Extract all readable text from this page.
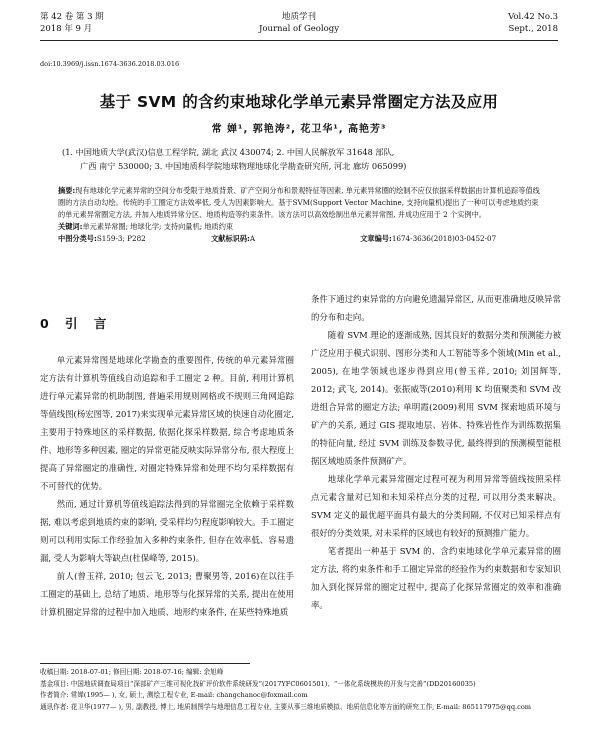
第 42 卷 第 3 期
2018 年 9 月
地质学刊
Journal of Geology
Vol.42 No.3
Sept., 2018
doi:10.3969/j.issn.1674-3636.2018.03.016
基于 SVM 的含约束地球化学单元素异常圈定方法及应用
常 婵¹, 郭艳涛², 花卫华¹, 高艳芳³
(1. 中国地质大学(武汉)信息工程学院, 湖北 武汉 430074; 2. 中国人民解放军 31648 部队,
广西 南宁 530000; 3. 中国地质科学院地球物理地球化学勘查研究所, 河北 廊坊 065099)
摘要:现有地球化学元素异常的空间分布受限于地质背景、矿产空间分布和景观特征等因素, 单元素异常圈的绘制不应仅依据采样数据由计算机追踪等值线圈的方法自动勾绘。传统的手工圈定方法效率低, 受人为因素影响大。基于SVM(Support Vector Machine, 支持向量机)提出了一种可以考虑地质约束的单元素异常圈定方法, 并加入地质异常分区、地质构造等约束条件。该方法可以高效绘制出单元素异常图, 并成功应用于 2 个实例中。
关键词:单元素异常圈; 地球化学; 支持向量机; 地质约束
中图分类号:S159-3; P282	文献标识码:A	文章编号:1674-3636(2018)03-0452-07
0 引 言

单元素异常图是地球化学勘查的重要图件, 传统的单元素异常圈定方法有计算机等值线自动追踪和手工圈定 2 种。目前, 利用计算机进行单元素异常的机助制图, 普遍采用规则网格或不规则三角网追踪等值线图(杨宏图等, 2017)来实现单元素异常区域的快速自动化圈定, 主要用于特殊地区的采样数据, 依据化探采样数据, 综合考虑地质条件、地形等多种因素, 圈定的异常更能反映实际异常分布, 很大程度上提高了异常圈定的准确性, 对圈定特殊异常和处理不均匀采样数据有不可替代的优势。

然而, 通过计算机等值线追踪法得到的异常圈完全依赖于采样数据, 难以考虑到地质约束的影响, 受采样均匀程度影响较大。手工圈定则可以利用实际工作经验加入多种约束条件, 但存在效率低、容易遗漏, 受人为影响大等缺点(杜保峰等, 2015)。

前人(曾玉祥, 2010; 包云飞, 2013; 曹聚男等, 2016)在以往手工圈定的基础上, 总结了地质、地形等与化探异常的关系, 提出在使用计算机圈定异常的过程中加入地质、地形约束条件, 在某些特殊地质

条件下通过约束异常的方向避免遗漏异常区, 从而更准确地反映异常的分布和走向。

随着 SVM 理论的逐渐成熟, 因其良好的数据分类和预测能力被广泛应用于模式识别、图形分类和人工智能等多个领域(Min et al., 2005), 在地学领域也逐步得到应用(曾玉祥, 2010; 刘国辉等, 2012; 武飞, 2014)。张振威等(2010)利用 K 均值聚类和 SVM 改进组合异常的圈定方法; 单明霞(2009)利用 SVM 探索地质环境与矿产的关系, 通过 GIS 提取地层、岩体、特殊岩性作为训练数据集的特征向量, 经过 SVM 训练及参数寻优, 最终得到的预测模型能根据区域地质条件预测矿产。

地球化学单元素异常圈定过程可视为利用异常等值线按照采样点元素含量对已知和未知采样点分类的过程, 可以用分类来解决。SVM 定义的最优超平面具有最大的分类间隔, 不仅对已知采样点有很好的分类效果, 对未采样的区域也有较好的预测推广能力。

笔者提出一种基于 SVM 的、含约束地球化学单元素异常的圈定方法, 将约束条件和手工圈定异常的经验作为约束数据和专家知识加入到化探异常的圈定过程中, 提高了化探异常圈定的效率和准确率。

收稿日期: 2018-07-01; 修回日期: 2018-07-16; 编辑: 余旭峰
基金项目: 中国地质调查局项目“深部矿产三维可视化找矿评价软件系统研发”(2017YFC0601501)、“一体化系统模块的开发与完善”(DD20160035)
作者简介: 常婵(1995— ), 女, 硕士, 测绘工程专业, E-mail: changchanoc@foxmail.com
通讯作者: 花卫华(1977— ), 男, 副教授, 博士, 地质制图学与地理信息工程专业, 主要从事三维地质模拟、地质信息化等方面的研究工作, E-mail: 865117975@qq.com
